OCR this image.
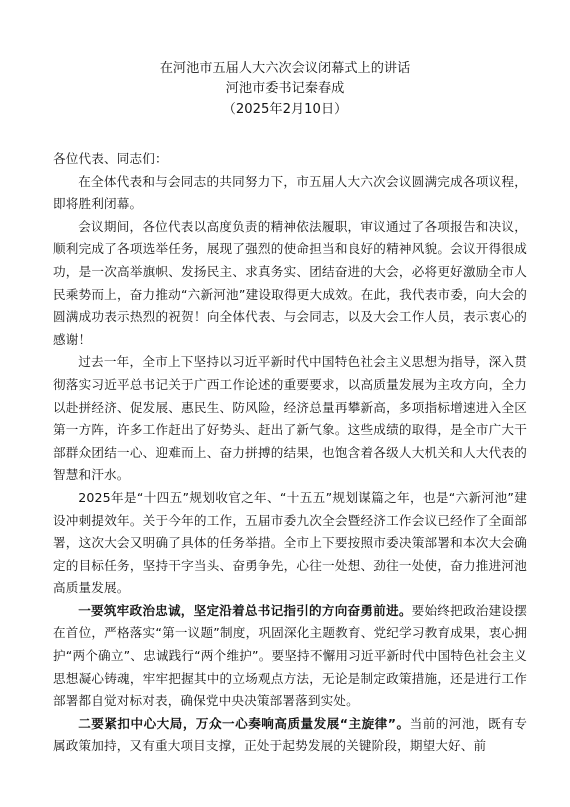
在河池市五届人大六次会议闭幕式上的讲话
河池市委书记秦春成
（2025年2月10日）

各位代表、同志们：

在全体代表和与会同志的共同努力下，市五届人大六次会议圆满完成各项议程，即将胜利闭幕。

会议期间，各位代表以高度负责的精神依法履职，审议通过了各项报告和决议，顺利完成了各项选举任务，展现了强烈的使命担当和良好的精神风貌。会议开得很成功，是一次高举旗帜、发扬民主、求真务实、团结奋进的大会，必将更好激励全市人民乘势而上，奋力推动“六新河池”建设取得更大成效。在此，我代表市委，向大会的圆满成功表示热烈的祝贺！向全体代表、与会同志，以及大会工作人员，表示衷心的感谢！

过去一年，全市上下坚持以习近平新时代中国特色社会主义思想为指导，深入贯彻落实习近平总书记关于广西工作论述的重要要求，以高质量发展为主攻方向，全力以赴拼经济、促发展、惠民生、防风险，经济总量再攀新高，多项指标增速进入全区第一方阵，许多工作赶出了好势头、赶出了新气象。这些成绩的取得，是全市广大干部群众团结一心、迎难而上、奋力拼搏的结果，也饱含着各级人大机关和人大代表的智慧和汗水。

2025年是“十四五”规划收官之年、“十五五”规划谋篇之年，也是“六新河池”建设冲刺提效年。关于今年的工作，五届市委九次全会暨经济工作会议已经作了全面部署，这次大会又明确了具体的任务举措。全市上下要按照市委决策部署和本次大会确定的目标任务，坚持干字当头、奋勇争先，心往一处想、劲往一处使，奋力推进河池高质量发展。

一要筑牢政治忠诚，坚定沿着总书记指引的方向奋勇前进。要始终把政治建设摆在首位，严格落实“第一议题”制度，巩固深化主题教育、党纪学习教育成果，衷心拥护“两个确立”、忠诚践行“两个维护”。要坚持不懈用习近平新时代中国特色社会主义思想凝心铸魂，牢牢把握其中的立场观点方法，无论是制定政策措施，还是进行工作部署都自觉对标对表，确保党中央决策部署落到实处。

二要紧扣中心大局，万众一心奏响高质量发展“主旋律”。当前的河池，既有专属政策加持，又有重大项目支撑，正处于起势发展的关键阶段，期望大好、前
